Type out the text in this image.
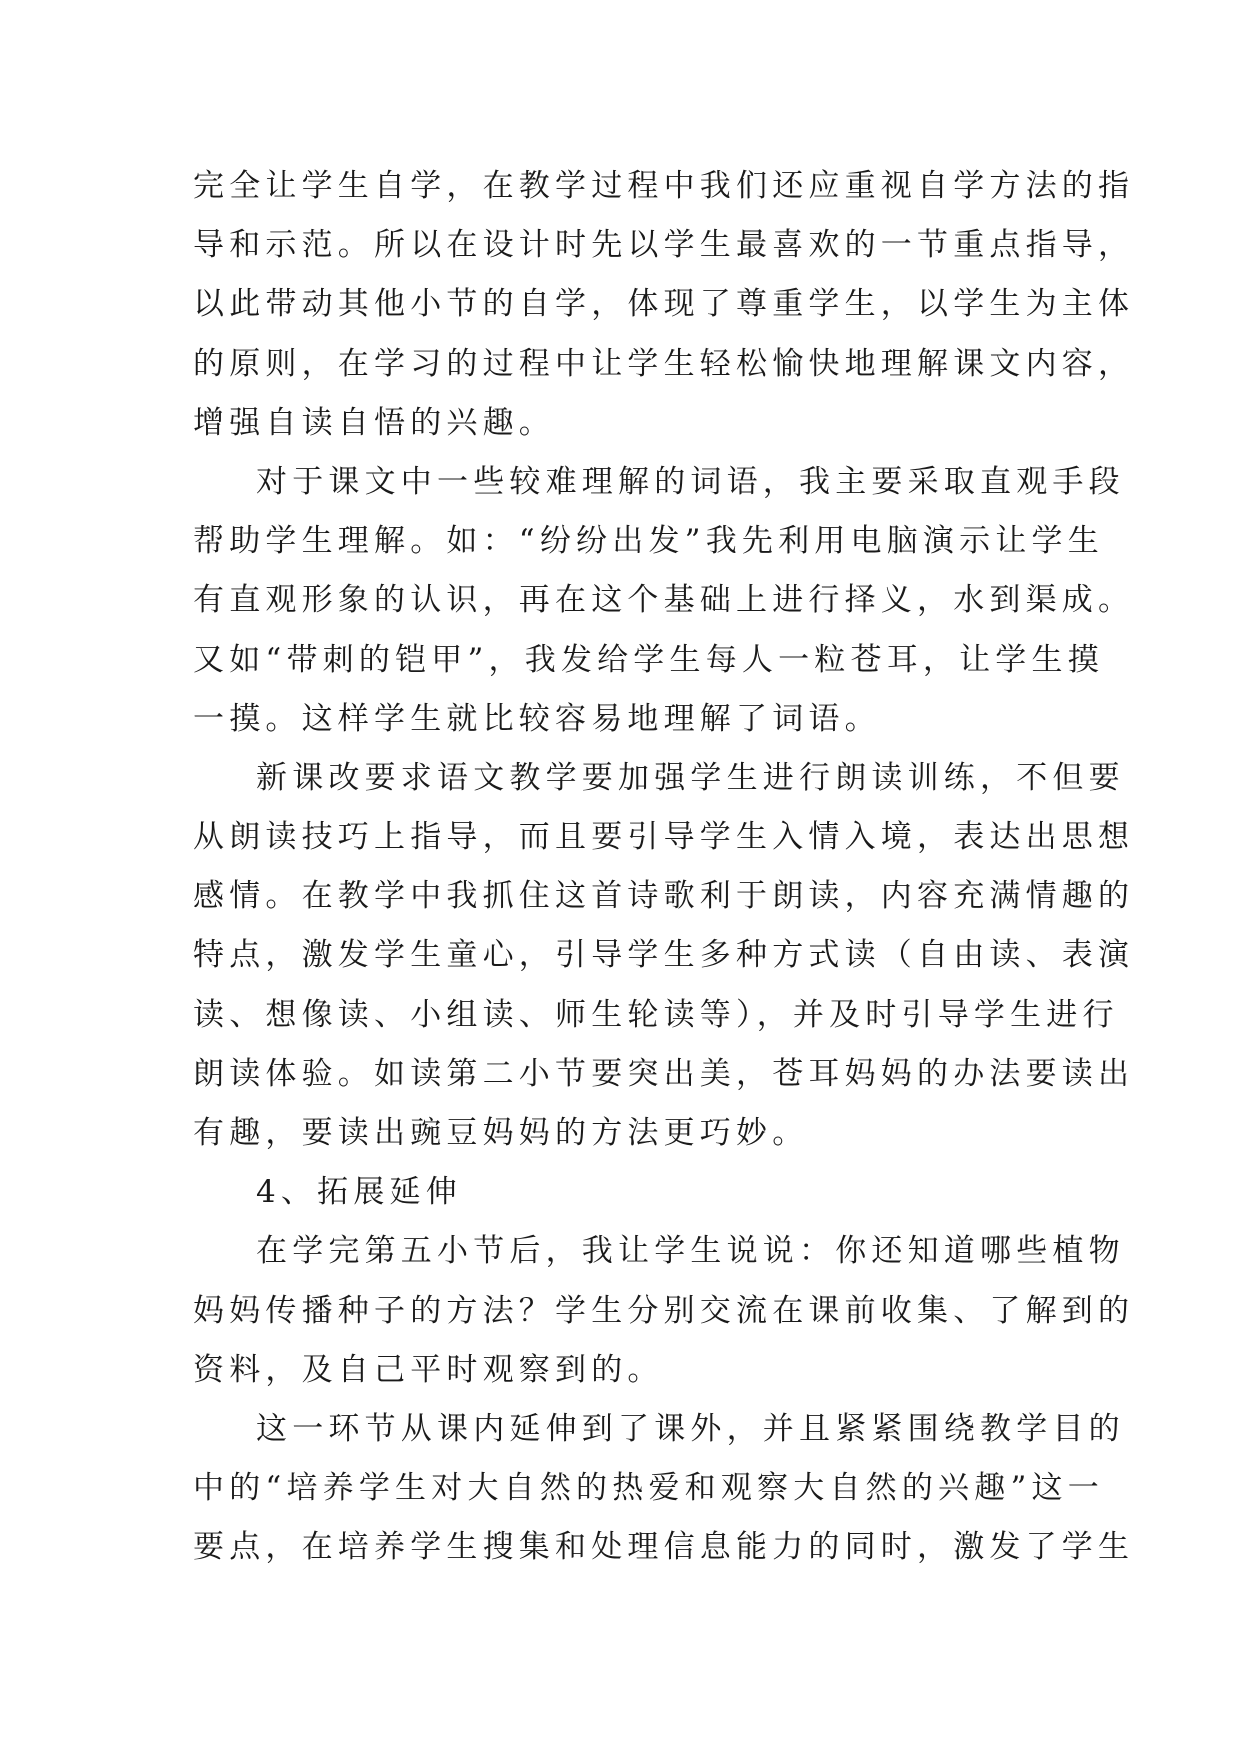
完全让学生自学，在教学过程中我们还应重视自学方法的指
导和示范。所以在设计时先以学生最喜欢的一节重点指导，
以此带动其他小节的自学，体现了尊重学生，以学生为主体
的原则，在学习的过程中让学生轻松愉快地理解课文内容，
增强自读自悟的兴趣。
对于课文中一些较难理解的词语，我主要采取直观手段
帮助学生理解。如：“纷纷出发”我先利用电脑演示让学生
有直观形象的认识，再在这个基础上进行择义，水到渠成。
又如“带刺的铠甲”，我发给学生每人一粒苍耳，让学生摸
一摸。这样学生就比较容易地理解了词语。
新课改要求语文教学要加强学生进行朗读训练，不但要
从朗读技巧上指导，而且要引导学生入情入境，表达出思想
感情。在教学中我抓住这首诗歌利于朗读，内容充满情趣的
特点，激发学生童心，引导学生多种方式读（自由读、表演
读、想像读、小组读、师生轮读等），并及时引导学生进行
朗读体验。如读第二小节要突出美，苍耳妈妈的办法要读出
有趣，要读出豌豆妈妈的方法更巧妙。
4、拓展延伸
在学完第五小节后，我让学生说说：你还知道哪些植物
妈妈传播种子的方法？学生分别交流在课前收集、了解到的
资料，及自己平时观察到的。
这一环节从课内延伸到了课外，并且紧紧围绕教学目的
中的“培养学生对大自然的热爱和观察大自然的兴趣”这一
要点，在培养学生搜集和处理信息能力的同时，激发了学生
